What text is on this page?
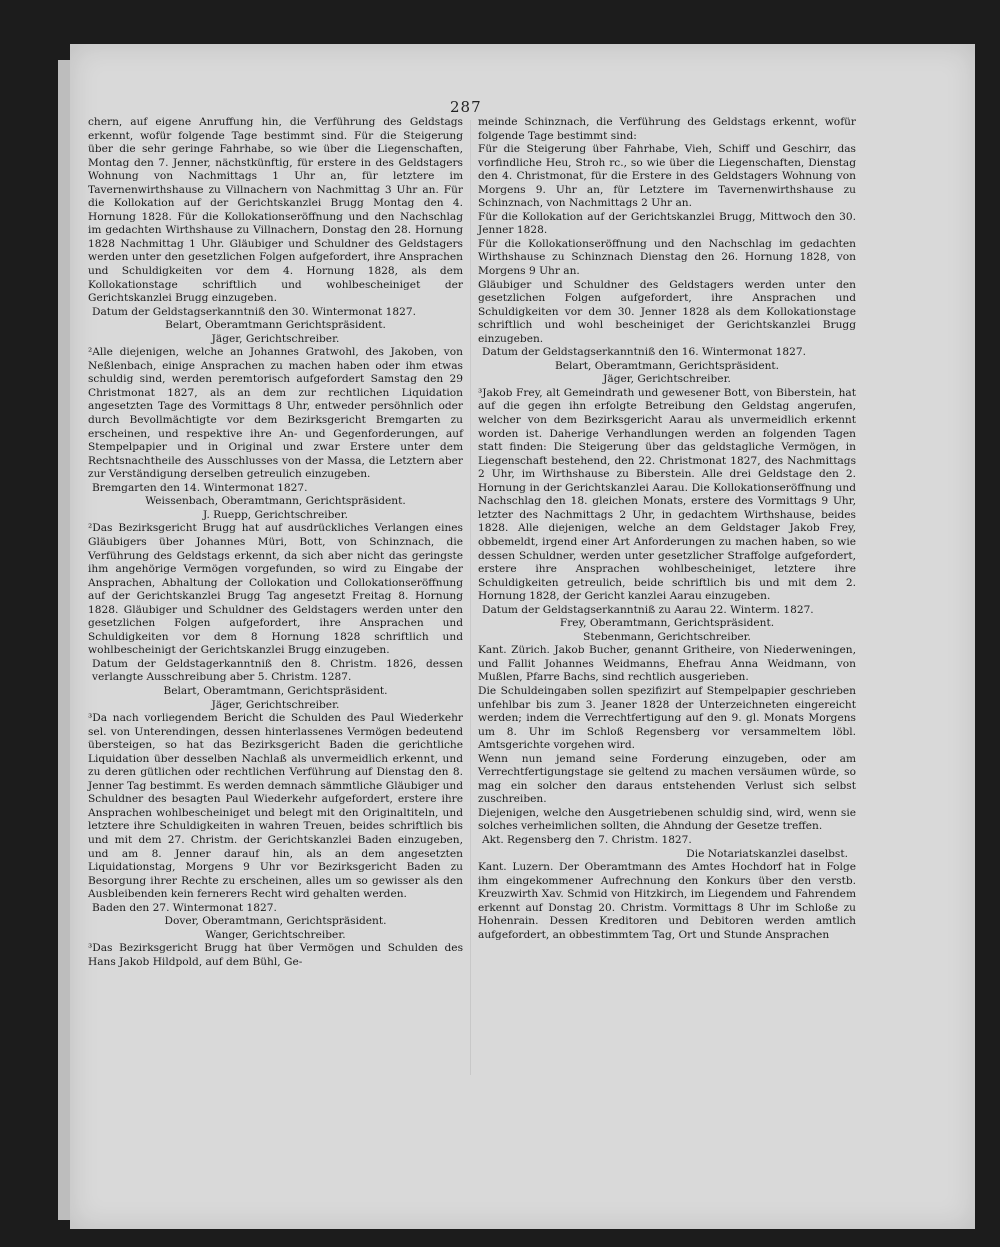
287

chern, auf eigene Anruffung hin, die Verführung des Geldstags erkennt, wofür folgende Tage bestimmt sind. Für die Steigerung über die sehr geringe Fahrhabe, so wie über die Liegenschaften, Montag den 7. Jenner, nächstkünftig, für erstere in des Geldstagers Wohnung von Nachmittags 1 Uhr an, für letztere im Tavernenwirthshause zu Villnachern von Nachmittag 3 Uhr an. Für die Kollokation auf der Gerichtskanzlei Brugg Montag den 4. Hornung 1828. Für die Kollokationseröffnung und den Nachschlag im gedachten Wirthshause zu Villnachern, Donstag den 28. Hornung 1828 Nachmittag 1 Uhr. Gläubiger und Schuldner des Geldstagers werden unter den gesetzlichen Folgen aufgefordert, ihre Ansprachen und Schuldigkeiten vor dem 4. Hornung 1828, als dem Kollokationstage schriftlich und wohlbescheiniget der Gerichtskanzlei Brugg einzugeben.

Datum der Geldstagserkanntniß den 30. Wintermonat 1827.

Belart, Oberamtmann Gerichtspräsident.

Jäger, Gerichtschreiber.

²Alle diejenigen, welche an Johannes Gratwohl, des Jakoben, von Neßlenbach, einige Ansprachen zu machen haben oder ihm etwas schuldig sind, werden peremtorisch aufgefordert Samstag den 29 Christmonat 1827, als an dem zur rechtlichen Liquidation angesetzten Tage des Vormittags 8 Uhr, entweder persöhnlich oder durch Bevollmächtigte vor dem Bezirksgericht Bremgarten zu erscheinen, und respektive ihre An- und Gegenforderungen, auf Stempelpapier und in Original und zwar Erstere unter dem Rechtsnachtheile des Ausschlusses von der Massa, die Letztern aber zur Verständigung derselben getreulich einzugeben.

Bremgarten den 14. Wintermonat 1827.

Weissenbach, Oberamtmann, Gerichtspräsident.

J. Ruepp, Gerichtschreiber.

²Das Bezirksgericht Brugg hat auf ausdrückliches Verlangen eines Gläubigers über Johannes Müri, Bott, von Schinznach, die Verführung des Geldstags erkennt, da sich aber nicht das geringste ihm angehörige Vermögen vorgefunden, so wird zu Eingabe der Ansprachen, Abhaltung der Collokation und Collokationseröffnung auf der Gerichtskanzlei Brugg Tag angesetzt Freitag 8. Hornung 1828. Gläubiger und Schuldner des Geldstagers werden unter den gesetzlichen Folgen aufgefordert, ihre Ansprachen und Schuldigkeiten vor dem 8 Hornung 1828 schriftlich und wohlbescheinigt der Gerichtskanzlei Brugg einzugeben.

Datum der Geldstagerkanntniß den 8. Christm. 1826, dessen verlangte Ausschreibung aber 5. Christm. 1287.

Belart, Oberamtmann, Gerichtspräsident.

Jäger, Gerichtschreiber.

³Da nach vorliegendem Bericht die Schulden des Paul Wiederkehr sel. von Unterendingen, dessen hinterlassenes Vermögen bedeutend übersteigen, so hat das Bezirksgericht Baden die gerichtliche Liquidation über desselben Nachlaß als unvermeidlich erkennt, und zu deren gütlichen oder rechtlichen Verführung auf Dienstag den 8. Jenner Tag bestimmt. Es werden demnach sämmtliche Gläubiger und Schuldner des besagten Paul Wiederkehr aufgefordert, erstere ihre Ansprachen wohlbescheiniget und belegt mit den Originaltiteln, und letztere ihre Schuldigkeiten in wahren Treuen, beides schriftlich bis und mit dem 27. Christm. der Gerichtskanzlei Baden einzugeben, und am 8. Jenner darauf hin, als an dem angesetzten Liquidationstag, Morgens 9 Uhr vor Bezirksgericht Baden zu Besorgung ihrer Rechte zu erscheinen, alles um so gewisser als den Ausbleibenden kein fernerers Recht wird gehalten werden.

Baden den 27. Wintermonat 1827.

Dover, Oberamtmann, Gerichtspräsident.

Wanger, Gerichtschreiber.

³Das Bezirksgericht Brugg hat über Vermögen und Schulden des Hans Jakob Hildpold, auf dem Bühl, Ge-

meinde Schinznach, die Verführung des Geldstags erkennt, wofür folgende Tage bestimmt sind:

Für die Steigerung über Fahrhabe, Vieh, Schiff und Geschirr, das vorfindliche Heu, Stroh rc., so wie über die Liegenschaften, Dienstag den 4. Christmonat, für die Erstere in des Geldstagers Wohnung von Morgens 9. Uhr an, für Letztere im Tavernenwirthshause zu Schinznach, von Nachmittags 2 Uhr an.

Für die Kollokation auf der Gerichtskanzlei Brugg, Mittwoch den 30. Jenner 1828.

Für die Kollokationseröffnung und den Nachschlag im gedachten Wirthshause zu Schinznach Dienstag den 26. Hornung 1828, von Morgens 9 Uhr an.

Gläubiger und Schuldner des Geldstagers werden unter den gesetzlichen Folgen aufgefordert, ihre Ansprachen und Schuldigkeiten vor dem 30. Jenner 1828 als dem Kollokationstage schriftlich und wohl bescheiniget der Gerichtskanzlei Brugg einzugeben.

Datum der Geldstagserkanntniß den 16. Wintermonat 1827.

Belart, Oberamtmann, Gerichtspräsident.

Jäger, Gerichtschreiber.

³Jakob Frey, alt Gemeindrath und gewesener Bott, von Biberstein, hat auf die gegen ihn erfolgte Betreibung den Geldstag angerufen, welcher von dem Bezirksgericht Aarau als unvermeidlich erkennt worden ist. Daherige Verhandlungen werden an folgenden Tagen statt finden: Die Steigerung über das geldstagliche Vermögen, in Liegenschaft bestehend, den 22. Christmonat 1827, des Nachmittags 2 Uhr, im Wirthshause zu Biberstein. Alle drei Geldstage den 2. Hornung in der Gerichtskanzlei Aarau. Die Kollokationseröffnung und Nachschlag den 18. gleichen Monats, erstere des Vormittags 9 Uhr, letzter des Nachmittags 2 Uhr, in gedachtem Wirthshause, beides 1828. Alle diejenigen, welche an dem Geldstager Jakob Frey, obbemeldt, irgend einer Art Anforderungen zu machen haben, so wie dessen Schuldner, werden unter gesetzlicher Straffolge aufgefordert, erstere ihre Ansprachen wohlbescheiniget, letztere ihre Schuldigkeiten getreulich, beide schriftlich bis und mit dem 2. Hornung 1828, der Gericht kanzlei Aarau einzugeben.

Datum der Geldstagserkanntniß zu Aarau 22. Winterm. 1827.

Frey, Oberamtmann, Gerichtspräsident.

Stebenmann, Gerichtschreiber.

Kant. Zürich. Jakob Bucher, genannt Gritheire, von Niederweningen, und Fallit Johannes Weidmanns, Ehefrau Anna Weidmann, von Mußlen, Pfarre Bachs, sind rechtlich ausgerieben.

Die Schuldeingaben sollen spezifizirt auf Stempelpapier geschrieben unfehlbar bis zum 3. Jeaner 1828 der Unterzeichneten eingereicht werden; indem die Verrechtfertigung auf den 9. gl. Monats Morgens um 8. Uhr im Schloß Regensberg vor versammeltem löbl. Amtsgerichte vorgehen wird.

Wenn nun jemand seine Forderung einzugeben, oder am Verrechtfertigungstage sie geltend zu machen versäumen würde, so mag ein solcher den daraus entstehenden Verlust sich selbst zuschreiben.

Diejenigen, welche den Ausgetriebenen schuldig sind, wird, wenn sie solches verheimlichen sollten, die Ahndung der Gesetze treffen.

Akt. Regensberg den 7. Christm. 1827.

Die Notariatskanzlei daselbst.

Kant. Luzern. Der Oberamtmann des Amtes Hochdorf hat in Folge ihm eingekommener Aufrechnung den Konkurs über den verstb. Kreuzwirth Xav. Schmid von Hitzkirch, im Liegendem und Fahrendem erkennt auf Donstag 20. Christm. Vormittags 8 Uhr im Schloße zu Hohenrain. Dessen Kreditoren und Debitoren werden amtlich aufgefordert, an obbestimmtem Tag, Ort und Stunde Ansprachen
